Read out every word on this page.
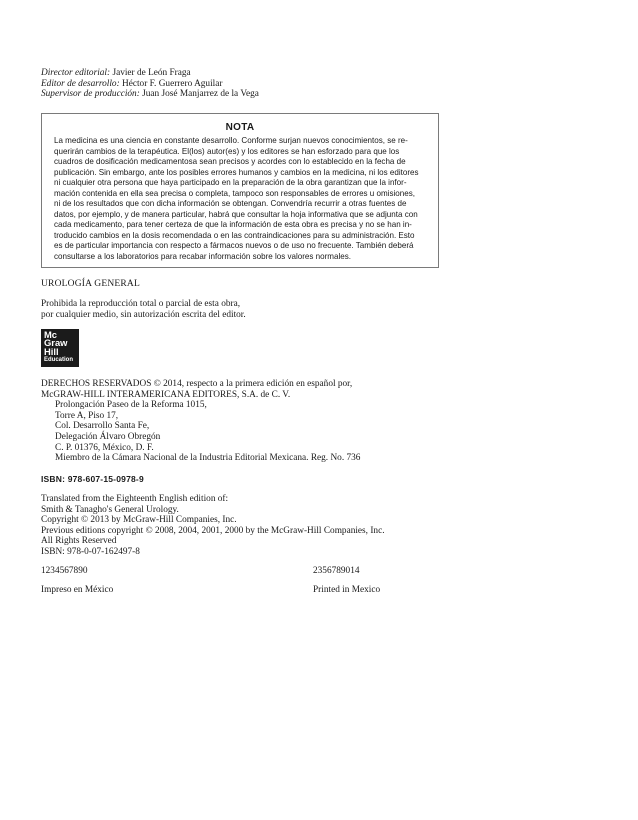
Director editorial: Javier de León Fraga
Editor de desarrollo: Héctor F. Guerrero Aguilar
Supervisor de producción: Juan José Manjarrez de la Vega
NOTA

La medicina es una ciencia en constante desarrollo. Conforme surjan nuevos conocimientos, se re-
querirán cambios de la terapéutica. El(los) autor(es) y los editores se han esforzado para que los
cuadros de dosificación medicamentosa sean precisos y acordes con lo establecido en la fecha de
publicación. Sin embargo, ante los posibles errores humanos y cambios en la medicina, ni los editores
ni cualquier otra persona que haya participado en la preparación de la obra garantizan que la infor-
mación contenida en ella sea precisa o completa, tampoco son responsables de errores u omisiones,
ni de los resultados que con dicha información se obtengan. Convendría recurrir a otras fuentes de
datos, por ejemplo, y de manera particular, habrá que consultar la hoja informativa que se adjunta con
cada medicamento, para tener certeza de que la información de esta obra es precisa y no se han in-
troducido cambios en la dosis recomendada o en las contraindicaciones para su administración. Esto
es de particular importancia con respecto a fármacos nuevos o de uso no frecuente. También deberá
consultarse a los laboratorios para recabar información sobre los valores normales.

UROLOGÍA GENERAL
Prohibida la reproducción total o parcial de esta obra,
por cualquier medio, sin autorización escrita del editor.
Mc
Graw
Hill
Education
DERECHOS RESERVADOS © 2014, respecto a la primera edición en español por,
McGRAW-HILL INTERAMERICANA EDITORES, S.A. de C. V.
Prolongación Paseo de la Reforma 1015,
Torre A, Piso 17,
Col. Desarrollo Santa Fe,
Delegación Álvaro Obregón
C. P. 01376, México, D. F.
Miembro de la Cámara Nacional de la Industria Editorial Mexicana. Reg. No. 736
ISBN: 978-607-15-0978-9
Translated from the Eighteenth English edition of:
Smith & Tanagho's General Urology.
Copyright © 2013 by McGraw-Hill Companies, Inc.
Previous editions copyright © 2008, 2004, 2001, 2000 by the McGraw-Hill Companies, Inc.
All Rights Reserved
ISBN: 978-0-07-162497-8
1234567890	2356789014
Impreso en México	Printed in Mexico
